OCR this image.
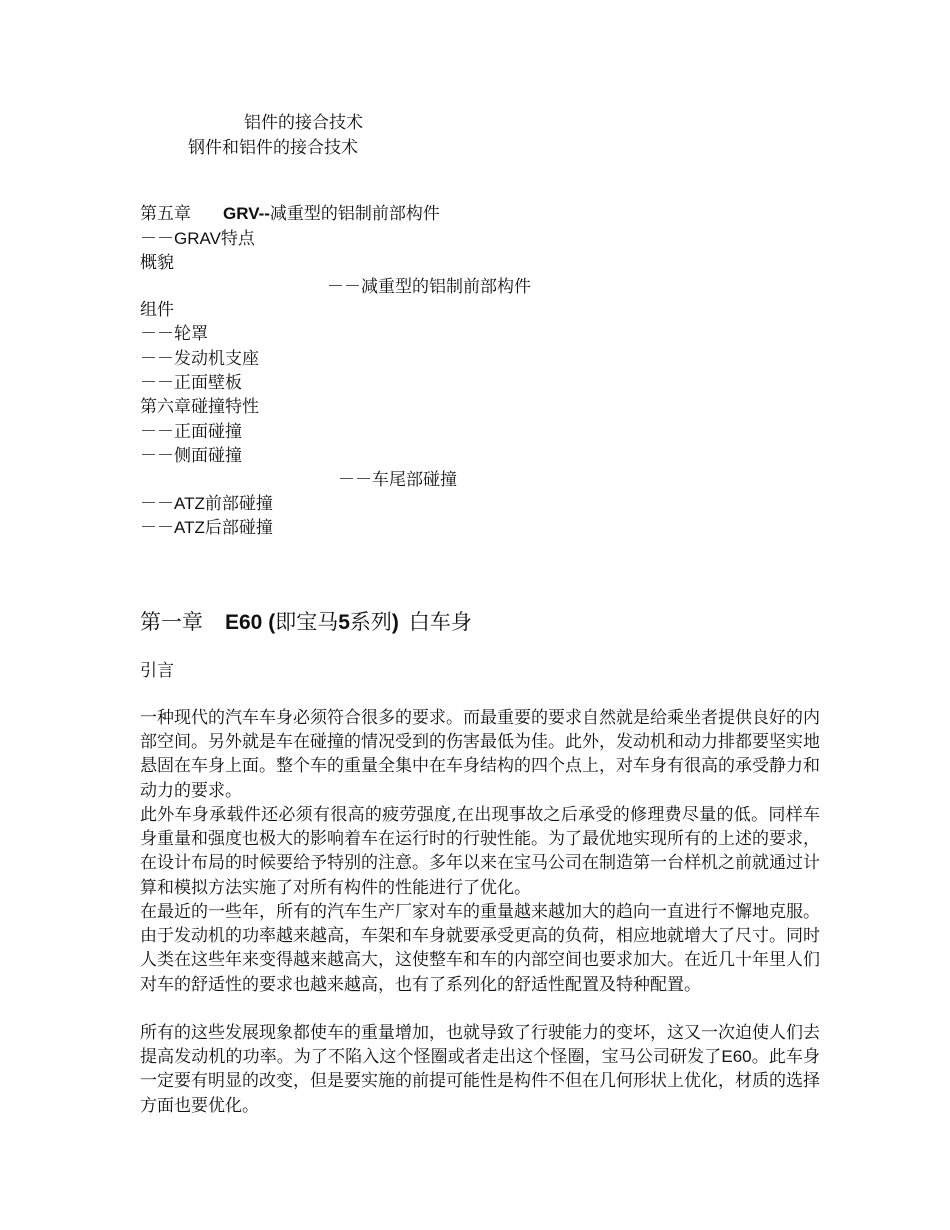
铝件的接合技术
钢件和铝件的接合技术
第五章 GRV--减重型的铝制前部构件
－－GRAV特点
概貌
－－减重型的铝制前部构件
组件
－－轮罩
－－发动机支座
－－正面壁板
第六章碰撞特性
－－正面碰撞
－－侧面碰撞
－－车尾部碰撞
－－ATZ前部碰撞
－－ATZ后部碰撞
第一章 E60 (即宝马5系列) 白车身
引言

一种现代的汽车车身必须符合很多的要求。而最重要的要求自然就是给乘坐者提供良好的内部空间。另外就是车在碰撞的情况受到的伤害最低为佳。此外，发动机和动力排都要坚实地悬固在车身上面。整个车的重量全集中在车身结构的四个点上，对车身有很高的承受静力和动力的要求。

此外车身承载件还必须有很高的疲劳强度,在出现事故之后承受的修理费尽量的低。同样车身重量和强度也极大的影响着车在运行时的行驶性能。为了最优地实现所有的上述的要求，在设计布局的时候要给予特别的注意。多年以来在宝马公司在制造第一台样机之前就通过计算和模拟方法实施了对所有构件的性能进行了优化。

在最近的一些年，所有的汽车生产厂家对车的重量越来越加大的趋向一直进行不懈地克服。由于发动机的功率越来越高，车架和车身就要承受更高的负荷，相应地就增大了尺寸。同时人类在这些年来变得越来越高大，这使整车和车的内部空间也要求加大。在近几十年里人们对车的舒适性的要求也越来越高，也有了系列化的舒适性配置及特种配置。

所有的这些发展现象都使车的重量增加，也就导致了行驶能力的变坏，这又一次迫使人们去提高发动机的功率。为了不陷入这个怪圈或者走出这个怪圈，宝马公司研发了E60。此车身一定要有明显的改变，但是要实施的前提可能性是构件不但在几何形状上优化，材质的选择方面也要优化。
